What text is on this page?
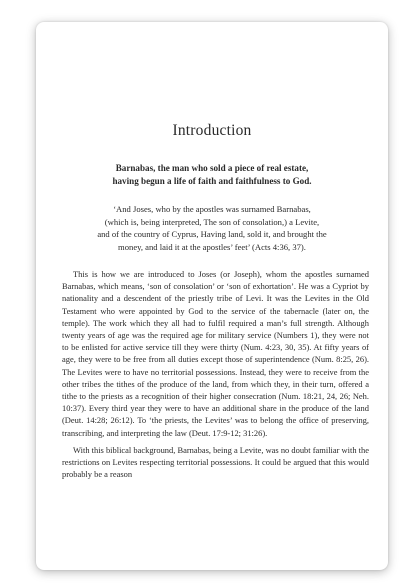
Introduction
Barnabas, the man who sold a piece of real estate,
having begun a life of faith and faithfulness to God.
‘And Joses, who by the apostles was surnamed Barnabas,
(which is, being interpreted, The son of consolation,) a Levite,
and of the country of Cyprus, Having land, sold it, and brought the
money, and laid it at the apostles’ feet’ (Acts 4:36, 37).

This is how we are introduced to Joses (or Joseph), whom the apostles surnamed Barnabas, which means, ‘son of consolation’ or ‘son of exhortation’. He was a Cypriot by nationality and a descendent of the priestly tribe of Levi. It was the Levites in the Old Testament who were appointed by God to the service of the tabernacle (later on, the temple). The work which they all had to fulfil required a man’s full strength. Although twenty years of age was the required age for military service (Numbers 1), they were not to be enlisted for active service till they were thirty (Num. 4:23, 30, 35). At fifty years of age, they were to be free from all duties except those of superintendence (Num. 8:25, 26). The Levites were to have no territorial possessions. Instead, they were to receive from the other tribes the tithes of the produce of the land, from which they, in their turn, offered a tithe to the priests as a recognition of their higher consecration (Num. 18:21, 24, 26; Neh. 10:37). Every third year they were to have an additional share in the produce of the land (Deut. 14:28; 26:12). To ‘the priests, the Levites’ was to belong the office of preserving, transcribing, and interpreting the law (Deut. 17:9-12; 31:26).

With this biblical background, Barnabas, being a Levite, was no doubt familiar with the restrictions on Levites respecting territorial possessions. It could be argued that this would probably be a reason
